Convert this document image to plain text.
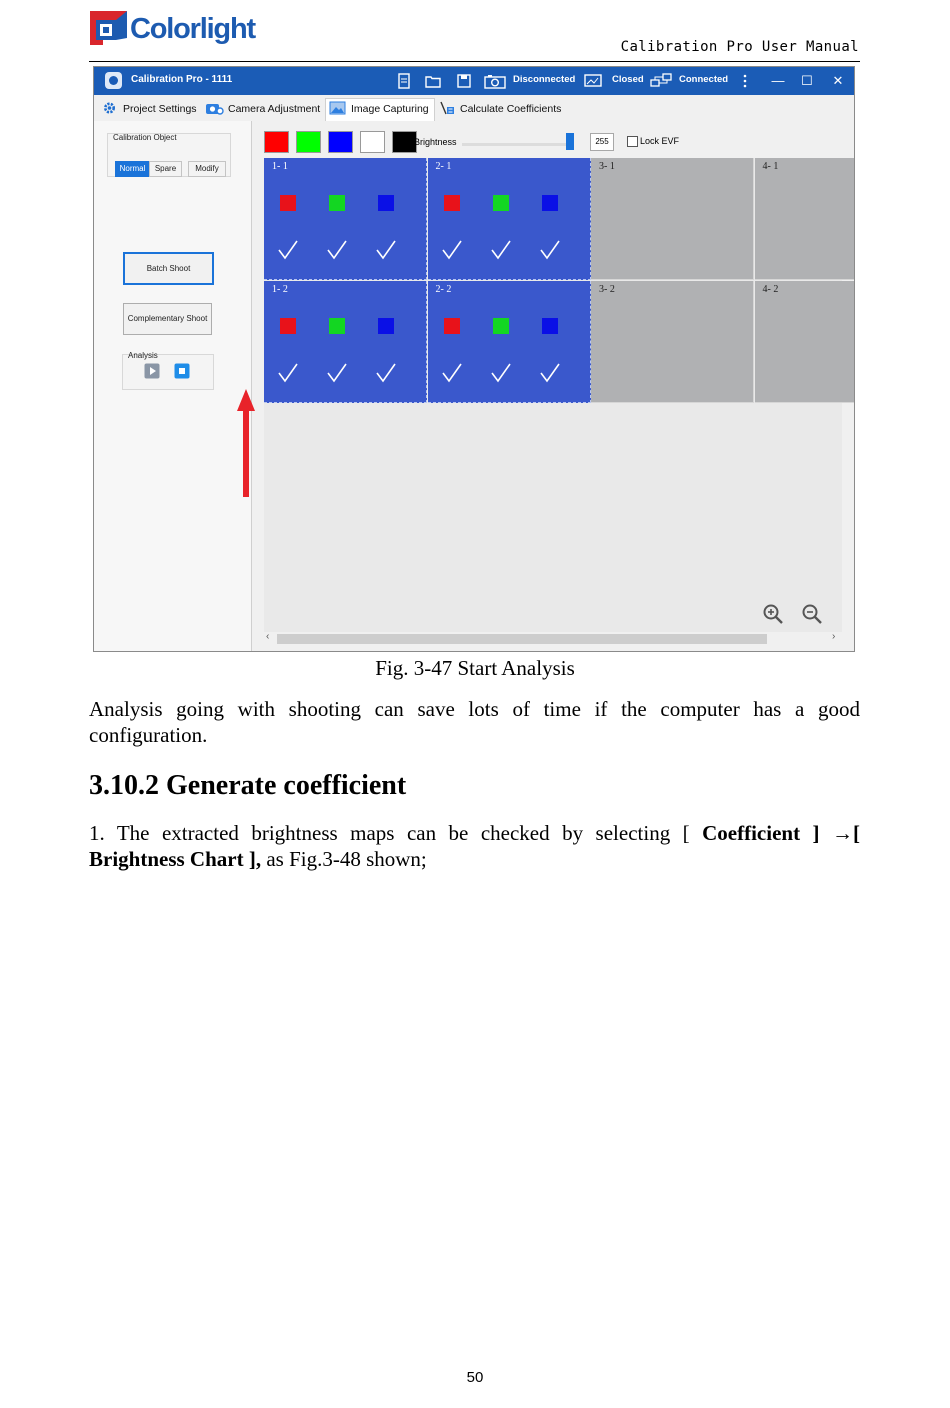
Colorlight
Calibration Pro User Manual
Calibration Pro - 1111	Disconnected	Closed	Connected	—	☐	✕
Project Settings	Camera Adjustment	Image Capturing	Calculate Coefficients
Calibration Object
Normal	Spare	Modify
Batch Shoot
Complementary Shoot
Analysis
Brightness	255	Lock EVF
1- 1	2- 1	3- 1	4- 1
1- 2	2- 2	3- 2	4- 2
‹	›
Fig. 3-47 Start Analysis
Analysis going with shooting can save lots of time if the computer has a good configuration.
3.10.2 Generate coefficient
1. The extracted brightness maps can be checked by selecting [ Coefficient ] →[ Brightness Chart ], as Fig.3-48 shown;
50
